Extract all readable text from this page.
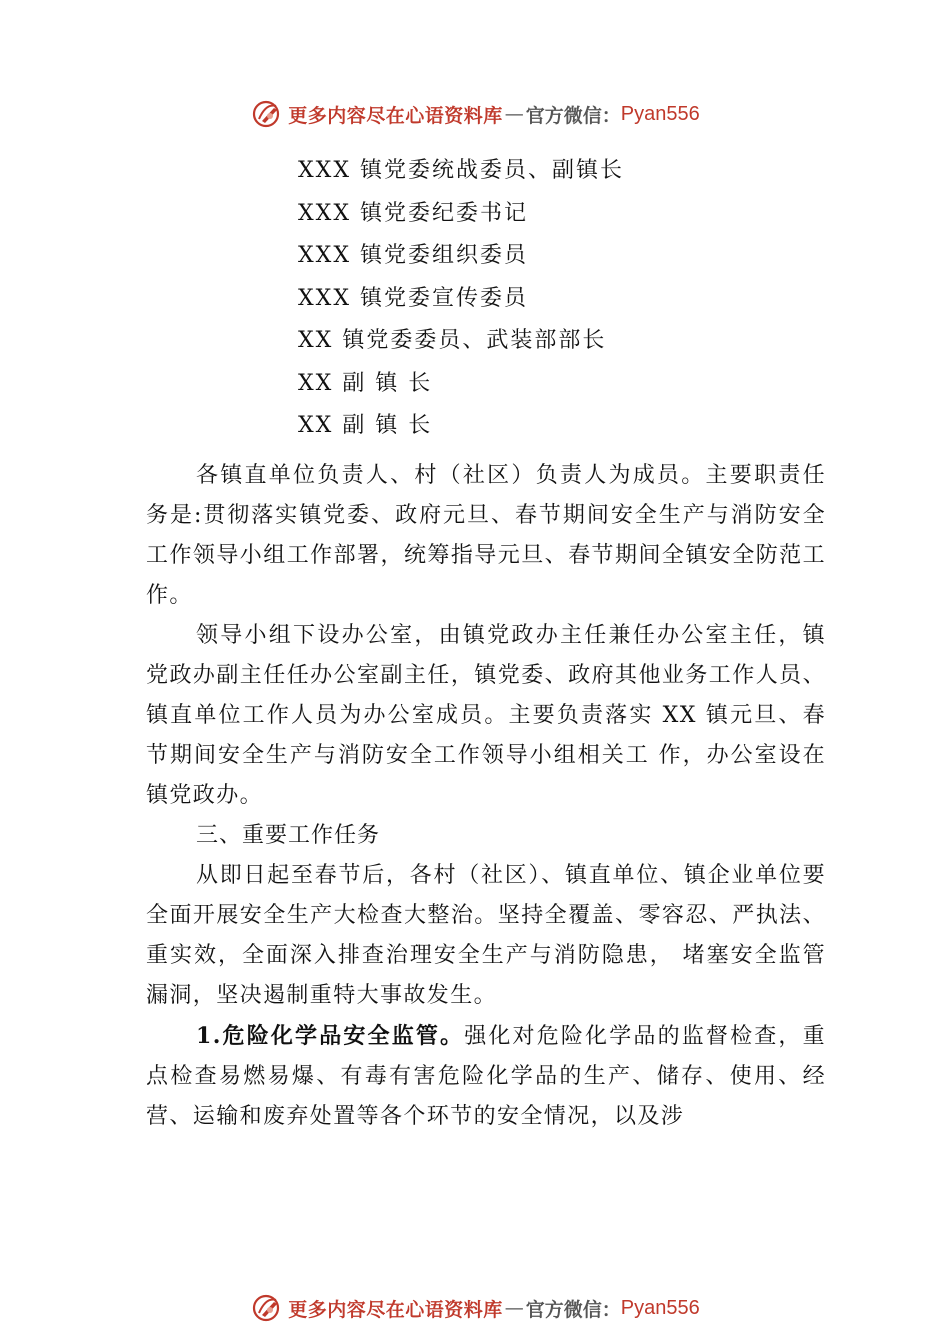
更多内容尽在心语资料库 — 官方微信： Pyan556
XXX 镇党委统战委员、副镇长
XXX 镇党委纪委书记
XXX 镇党委组织委员
XXX 镇党委宣传委员
XX 镇党委委员、武装部部长
XX 副 镇 长
XX 副 镇 长

各镇直单位负责人、村（社区）负责人为成员。主要职责任务是:贯彻落实镇党委、政府元旦、春节期间安全生产与消防安全工作领导小组工作部署，统筹指导元旦、春节期间全镇安全防范工作。

领导小组下设办公室，由镇党政办主任兼任办公室主任，镇党政办副主任任办公室副主任，镇党委、政府其他业务工作人员、镇直单位工作人员为办公室成员。主要负责落实 XX 镇元旦、春节期间安全生产与消防安全工作领导小组相关工 作，办公室设在镇党政办。

三、重要工作任务

从即日起至春节后，各村（社区）、镇直单位、镇企业单位要全面开展安全生产大检查大整治。坚持全覆盖、零容忍、严执法、重实效，全面深入排查治理安全生产与消防隐患， 堵塞安全监管漏洞，坚决遏制重特大事故发生。

1.危险化学品安全监管。强化对危险化学品的监督检查，重点检查易燃易爆、有毒有害危险化学品的生产、储存、使用、经营、运输和废弃处置等各个环节的安全情况，以及涉

更多内容尽在心语资料库 — 官方微信： Pyan556
